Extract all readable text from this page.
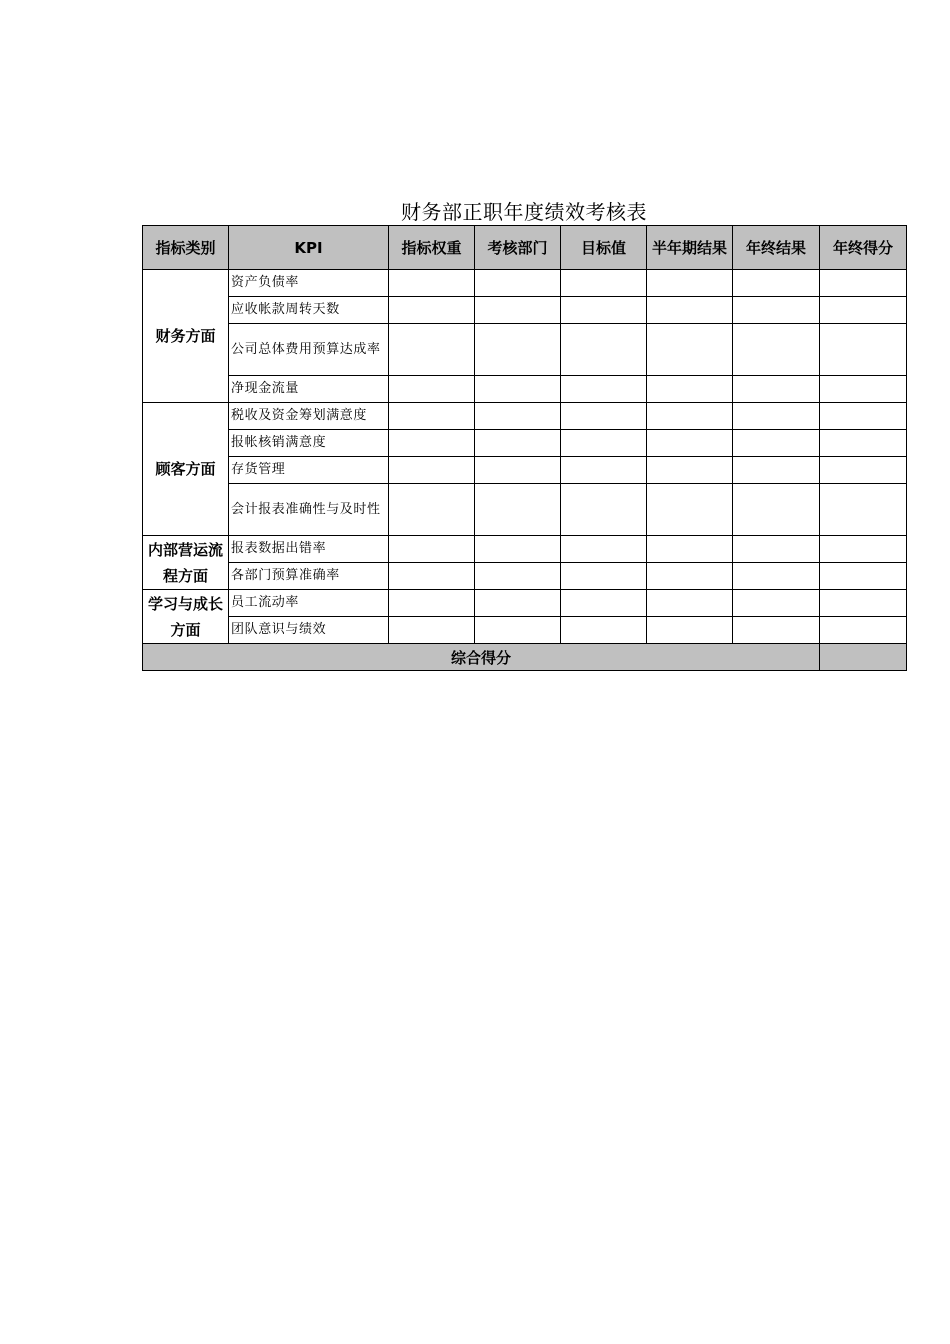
财务部正职年度绩效考核表
指标类别	KPI	指标权重	考核部门	目标值	半年期结果	年终结果	年终得分
财务方面	资产负债率						
	应收帐款周转天数						
	公司总体费用预算达成率						
	净现金流量						
顾客方面	税收及资金筹划满意度						
	报帐核销满意度						
	存货管理						
	会计报表准确性与及时性						
内部营运流程方面	报表数据出错率						
	各部门预算准确率						
学习与成长方面	员工流动率						
	团队意识与绩效						
综合得分							
